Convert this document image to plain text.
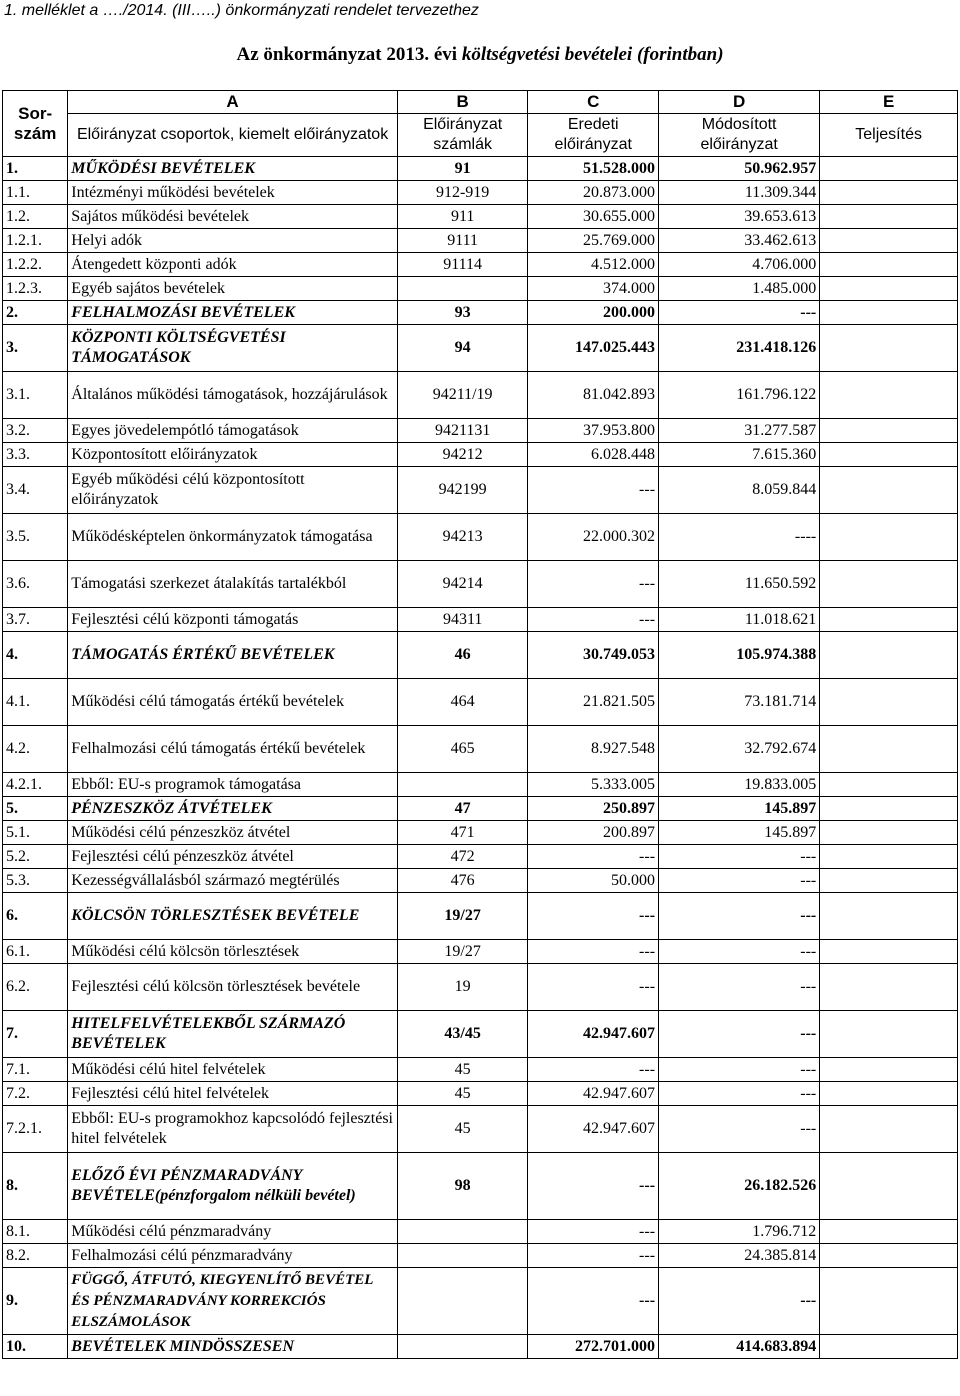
1. melléklet a …./2014. (III…..) önkormányzati rendelet tervezethez
Az önkormányzat 2013. évi költségvetési bevételei (forintban)
Sor-
szám	A	B	C	D	E
	Előirányzat csoportok, kiemelt előirányzatok	Előirányzat számlák	Eredeti előirányzat	Módosított előirányzat	Teljesítés
1.	MŰKÖDÉSI BEVÉTELEK	91	51.528.000	50.962.957	
1.1.	Intézményi működési bevételek	912-919	20.873.000	11.309.344	
1.2.	Sajátos működési bevételek	911	30.655.000	39.653.613	
1.2.1.	Helyi adók	9111	25.769.000	33.462.613	
1.2.2.	Átengedett központi adók	91114	4.512.000	4.706.000	
1.2.3.	Egyéb sajátos bevételek		374.000	1.485.000	
2.	FELHALMOZÁSI BEVÉTELEK	93	200.000	---	
3.	KÖZPONTI KÖLTSÉGVETÉSI TÁMOGATÁSOK	94	147.025.443	231.418.126	
3.1.	Általános működési támogatások, hozzájárulások	94211/19	81.042.893	161.796.122	
3.2.	Egyes jövedelempótló támogatások	9421131	37.953.800	31.277.587	
3.3.	Központosított előirányzatok	94212	6.028.448	7.615.360	
3.4.	Egyéb működési célú központosított előirányzatok	942199	---	8.059.844	
3.5.	Működésképtelen önkormányzatok támogatása	94213	22.000.302	----	
3.6.	Támogatási szerkezet átalakítás tartalékból	94214	---	11.650.592	
3.7.	Fejlesztési célú központi támogatás	94311	---	11.018.621	
4.	TÁMOGATÁS ÉRTÉKŰ BEVÉTELEK	46	30.749.053	105.974.388	
4.1.	Működési célú támogatás értékű bevételek	464	21.821.505	73.181.714	
4.2.	Felhalmozási célú támogatás értékű bevételek	465	8.927.548	32.792.674	
4.2.1.	Ebből: EU-s programok támogatása		5.333.005	19.833.005	
5.	PÉNZESZKÖZ ÁTVÉTELEK	47	250.897	145.897	
5.1.	Működési célú pénzeszköz átvétel	471	200.897	145.897	
5.2.	Fejlesztési célú pénzeszköz átvétel	472	---	---	
5.3.	Kezességvállalásból származó megtérülés	476	50.000	---	
6.	KÖLCSÖN TÖRLESZTÉSEK BEVÉTELE	19/27	---	---	
6.1.	Működési célú kölcsön törlesztések	19/27	---	---	
6.2.	Fejlesztési célú kölcsön törlesztések bevétele	19	---	---	
7.	HITELFELVÉTELEKBŐL SZÁRMAZÓ BEVÉTELEK	43/45	42.947.607	---	
7.1.	Működési célú hitel felvételek	45	---	---	
7.2.	Fejlesztési célú hitel felvételek	45	42.947.607	---	
7.2.1.	Ebből: EU-s programokhoz kapcsolódó fejlesztési hitel felvételek	45	42.947.607	---	
8.	ELŐZŐ ÉVI PÉNZMARADVÁNY BEVÉTELE(pénzforgalom nélküli bevétel)	98	---	26.182.526	
8.1.	Működési célú pénzmaradvány		---	1.796.712	
8.2.	Felhalmozási célú pénzmaradvány		---	24.385.814	
9.	FÜGGŐ, ÁTFUTÓ, KIEGYENLÍTŐ BEVÉTEL ÉS PÉNZMARADVÁNY KORREKCIÓS ELSZÁMOLÁSOK		---	---	
10.	BEVÉTELEK MINDÖSSZESEN		272.701.000	414.683.894	
